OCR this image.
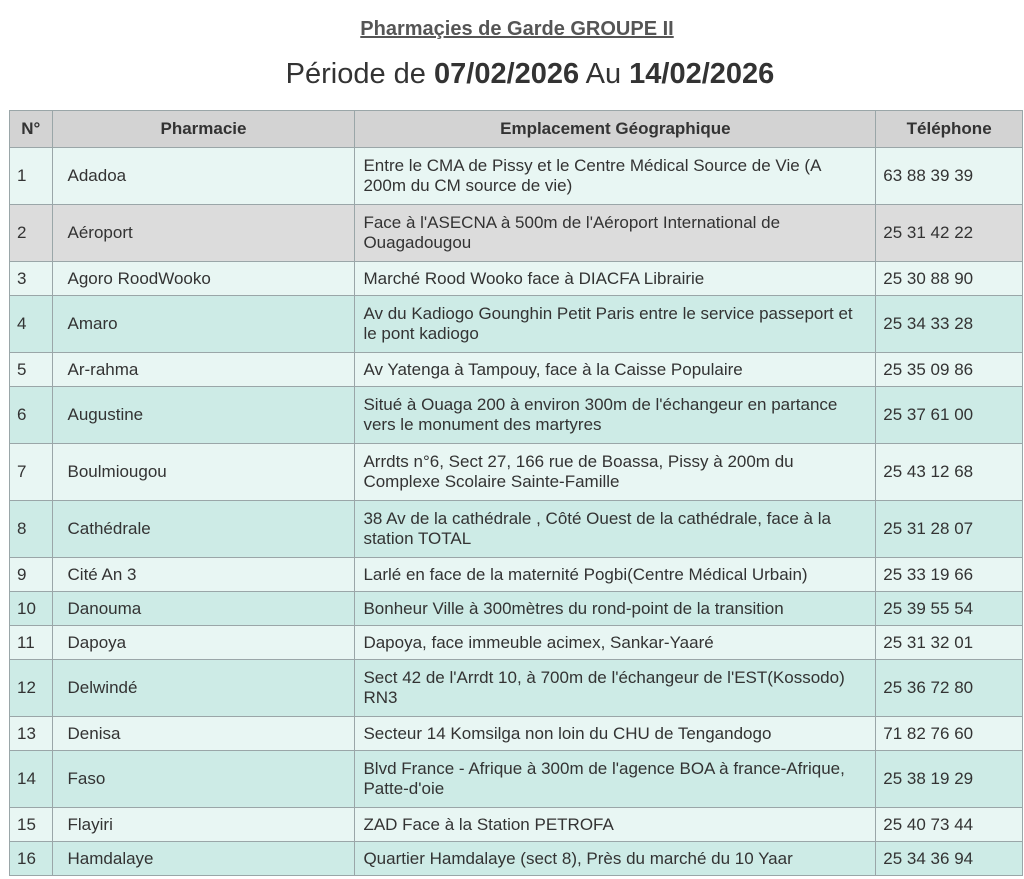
Pharmaçies de Garde GROUPE II
Période de 07/02/2026 Au 14/02/2026
N°	Pharmacie	Emplacement Géographique	Téléphone
1	Adadoa	Entre le CMA de Pissy et le Centre Médical Source de Vie (A 200m du CM source de vie)	63 88 39 39
2	Aéroport	Face à l'ASECNA à 500m de l'Aéroport International de Ouagadougou	25 31 42 22
3	Agoro RoodWooko	Marché Rood Wooko face à DIACFA Librairie	25 30 88 90
4	Amaro	Av du Kadiogo Gounghin Petit Paris entre le service passeport et le pont kadiogo	25 34 33 28
5	Ar-rahma	Av Yatenga à Tampouy, face à la Caisse Populaire	25 35 09 86
6	Augustine	Situé à Ouaga 200 à environ 300m de l'échangeur en partance vers le monument des martyres	25 37 61 00
7	Boulmiougou	Arrdts n°6, Sect 27, 166 rue de Boassa, Pissy à 200m du Complexe Scolaire Sainte-Famille	25 43 12 68
8	Cathédrale	38 Av de la cathédrale , Côté Ouest de la cathédrale, face à la station TOTAL	25 31 28 07
9	Cité An 3	Larlé en face de la maternité Pogbi(Centre Médical Urbain)	25 33 19 66
10	Danouma	Bonheur Ville à 300mètres du rond-point de la transition	25 39 55 54
11	Dapoya	Dapoya, face immeuble acimex, Sankar-Yaaré	25 31 32 01
12	Delwindé	Sect 42 de l'Arrdt 10, à 700m de l'échangeur de l'EST(Kossodo) RN3	25 36 72 80
13	Denisa	Secteur 14 Komsilga non loin du CHU de Tengandogo	71 82 76 60
14	Faso	Blvd France - Afrique à 300m de l'agence BOA à france-Afrique, Patte-d'oie	25 38 19 29
15	Flayiri	ZAD Face à la Station PETROFA	25 40 73 44
16	Hamdalaye	Quartier Hamdalaye (sect 8), Près du marché du 10 Yaar	25 34 36 94
